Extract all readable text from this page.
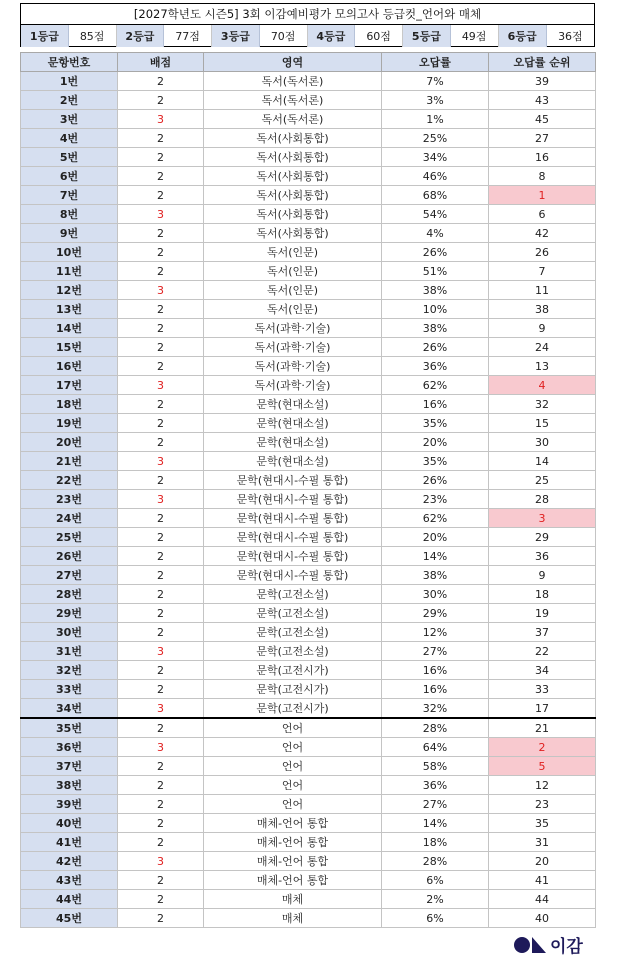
[2027학년도 시즌5] 3회 이감예비평가 모의고사 등급컷_언어와 매체
1등급	85점	2등급	77점	3등급	70점	4등급	60점	5등급	49점	6등급	36점
문항번호	배점	영역	오답률	오답률 순위
1번	2	독서(독서론)	7%	39
2번	2	독서(독서론)	3%	43
3번	3	독서(독서론)	1%	45
4번	2	독서(사회통합)	25%	27
5번	2	독서(사회통합)	34%	16
6번	2	독서(사회통합)	46%	8
7번	2	독서(사회통합)	68%	1
8번	3	독서(사회통합)	54%	6
9번	2	독서(사회통합)	4%	42
10번	2	독서(인문)	26%	26
11번	2	독서(인문)	51%	7
12번	3	독서(인문)	38%	11
13번	2	독서(인문)	10%	38
14번	2	독서(과학·기술)	38%	9
15번	2	독서(과학·기술)	26%	24
16번	2	독서(과학·기술)	36%	13
17번	3	독서(과학·기술)	62%	4
18번	2	문학(현대소설)	16%	32
19번	2	문학(현대소설)	35%	15
20번	2	문학(현대소설)	20%	30
21번	3	문학(현대소설)	35%	14
22번	2	문학(현대시-수필 통합)	26%	25
23번	3	문학(현대시-수필 통합)	23%	28
24번	2	문학(현대시-수필 통합)	62%	3
25번	2	문학(현대시-수필 통합)	20%	29
26번	2	문학(현대시-수필 통합)	14%	36
27번	2	문학(현대시-수필 통합)	38%	9
28번	2	문학(고전소설)	30%	18
29번	2	문학(고전소설)	29%	19
30번	2	문학(고전소설)	12%	37
31번	3	문학(고전소설)	27%	22
32번	2	문학(고전시가)	16%	34
33번	2	문학(고전시가)	16%	33
34번	3	문학(고전시가)	32%	17
35번	2	언어	28%	21
36번	3	언어	64%	2
37번	2	언어	58%	5
38번	2	언어	36%	12
39번	2	언어	27%	23
40번	2	매체-언어 통합	14%	35
41번	2	매체-언어 통합	18%	31
42번	3	매체-언어 통합	28%	20
43번	2	매체-언어 통합	6%	41
44번	2	매체	2%	44
45번	2	매체	6%	40
이감
